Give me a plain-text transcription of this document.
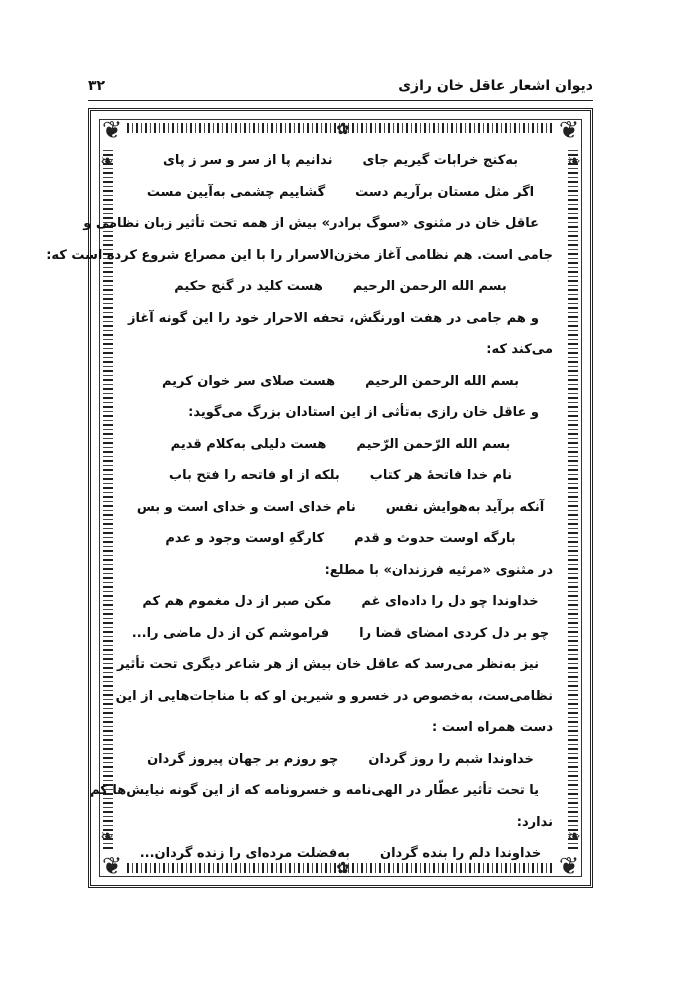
دیوان اشعار عاقل خان رازی
۳۲
❦	❦
❦	❦
✿
✿
❧	❧
❧	❧
به‌کنج خرابات گیریم جای
ندانیم پا از سر و سر ز پای
اگر مثل مستان برآریم دست
گشاییم چشمی به‌آیین مست
عاقل خان در مثنوی «سوگ برادر» بیش از همه تحت تأثیر زبان نظامی و
جامی است. هم نظامی آغاز مخزن‌الاسرار را با این مصراع شروع کرده است که:
بسم الله الرحمن الرحیم
هست کلید در گنج حکیم
و هم جامی در هفت اورنگش، تحفه الاحرار خود را این گونه آغاز
می‌کند که:
بسم الله الرحمن الرحیم
هست صلای سر خوان کریم
و عاقل خان رازی به‌تأثی از این استادان بزرگ می‌گوید:
بسم الله الرّحمن الرّحیم
هست دلیلی به‌کلام قدیم
نام خدا فاتحهٔ هر کتاب
بلکه از او فاتحه را فتح باب
آنکه برآید به‌هوایش نفس
نام خدای است و خدای است و بس
بارگه اوست حدوث و قدم
کارگهِ اوست وجود و عدم
در مثنوی «مرثیه فرزندان» با مطلع:
خداوندا چو دل را داده‌ای غم
مکن صبر از دل مغموم هم کم
چو بر دل کردی امضای قضا را
فراموشم کن از دل ماضی را...
نیز به‌نظر می‌رسد که عاقل خان بیش از هر شاعر دیگری تحت تأثیر
نظامی‌ست، به‌خصوص در خسرو و شیرین او که با مناجات‌هایی از این
دست همراه است :
خداوندا شبم را روز گردان
چو روزم بر جهان پیروز گردان
یا تحت تأثیر عطّار در الهی‌نامه و خسرونامه که از این گونه نیایش‌ها کم
ندارد:
خداوندا دلم را بنده گردان
به‌فضلت مرده‌ای را زنده گردان...
